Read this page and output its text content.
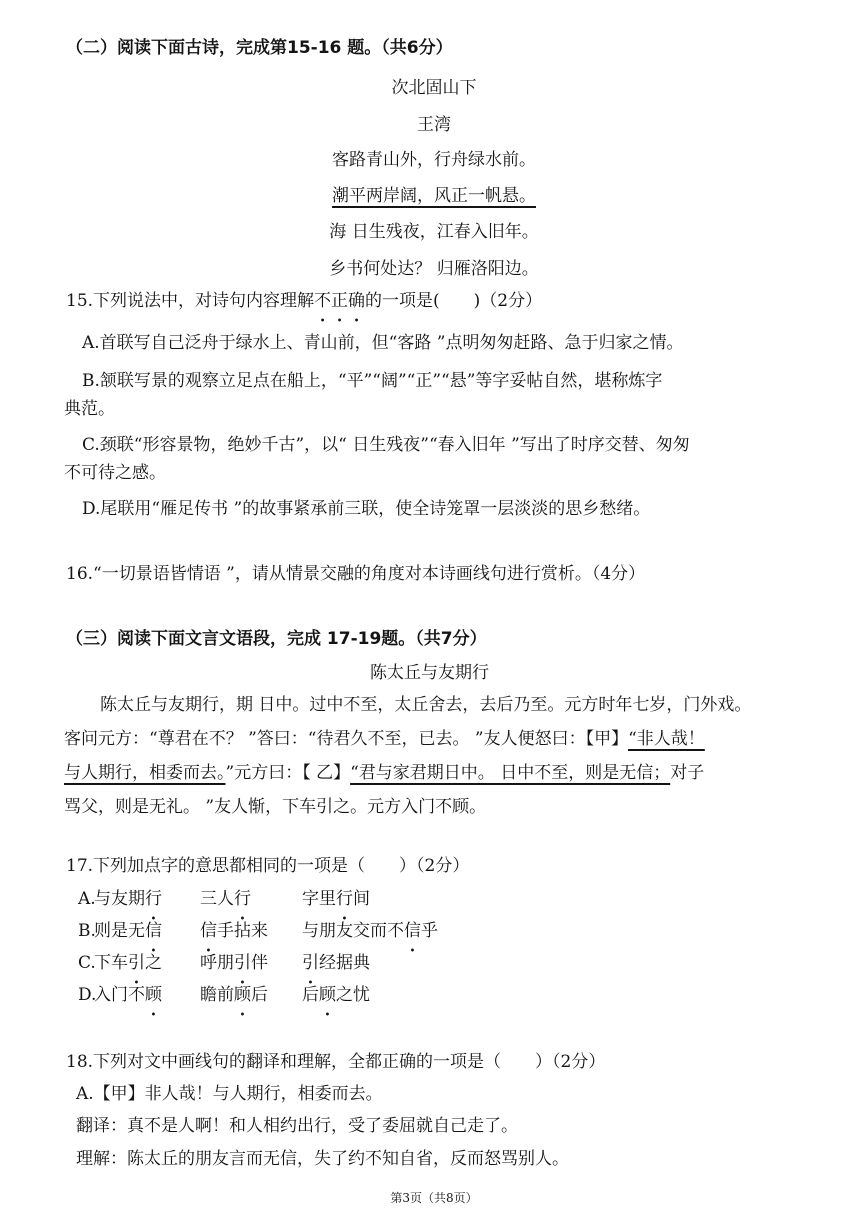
（二）阅读下面古诗，完成第15-16 题。（共6分）
次北固山下
王湾
客路青山外，行舟绿水前。
潮平两岸阔，风正一帆悬。
海 日生残夜，江春入旧年。
乡书何处达？ 归雁洛阳边。
15.下列说法中，对诗句内容理解不正确的一项是(　　)（2分）
A.首联写自己泛舟于绿水上、青山前，但“客路 ”点明匆匆赶路、急于归家之情。
B.颔联写景的观察立足点在船上，“平”“阔”“正”“悬”等字妥帖自然，堪称炼字
典范。
C.颈联“形容景物，绝妙千古”，以“ 日生残夜”“春入旧年 ”写出了时序交替、匆匆
不可待之感。
D.尾联用“雁足传书 ”的故事紧承前三联，使全诗笼罩一层淡淡的思乡愁绪。
16.“一切景语皆情语 ”，请从情景交融的角度对本诗画线句进行赏析。（4分）
（三）阅读下面文言文语段，完成 17-19题。（共7分）
陈太丘与友期行
陈太丘与友期行，期 日中。过中不至，太丘舍去，去后乃至。元方时年七岁，门外戏。
客问元方：“尊君在不？ ”答曰：“待君久不至，已去。 ”友人便怒曰：【甲】“非人哉！
与人期行，相委而去。”元方曰：【 乙】“君与家君期日中。 日中不至，则是无信；对子
骂父，则是无礼。 ”友人惭，下车引之。元方入门不顾。
17.下列加点字的意思都相同的一项是（　　）（2分）
A.
与友期行 三人行	字里行间
B.
则是无信 信手拈来 与朋友交而不信乎
C.
下车引之 呼朋引伴 引经据典
D.
入门不顾 瞻前顾后 后顾之忧
18.下列对文中画线句的翻译和理解，全都正确的一项是（　　）（2分）
A.【甲】非人哉！与人期行，相委而去。
翻译：真不是人啊！和人相约出行，受了委屈就自己走了。
理解：陈太丘的朋友言而无信，失了约不知自省，反而怒骂别人。
第3页（共8页）
